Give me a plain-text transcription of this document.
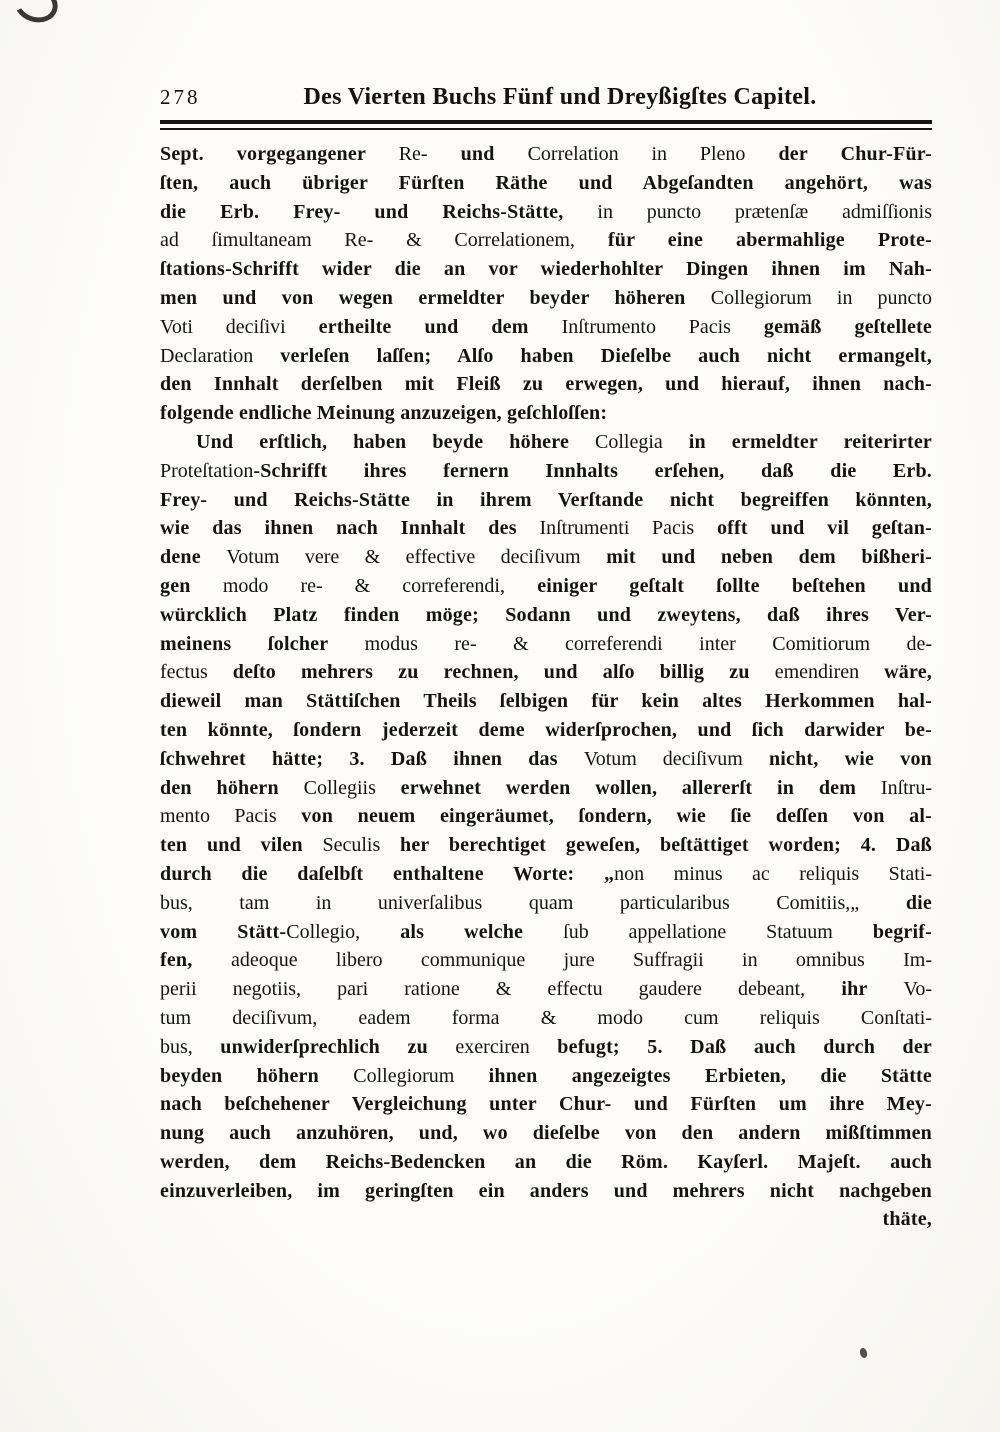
278	Des Vierten Buchs Fünf und Dreyßigſtes Capitel.
Sept. vorgegangener Re- und Correlation in Pleno der Chur-Für-
ſten, auch übriger Fürſten Räthe und Abgeſandten angehört, was
die Erb. Frey- und Reichs-Stätte, in puncto prætenſæ admiſſionis
ad ſimultaneam Re- & Correlationem, für eine abermahlige Prote-
ſtations-Schrifft wider die an vor wiederhohlter Dingen ihnen im Nah-
men und von wegen ermeldter beyder höheren Collegiorum in puncto
Voti deciſivi ertheilte und dem Inſtrumento Pacis gemäß geſtellete
Declaration verleſen laſſen; Alſo haben Dieſelbe auch nicht ermangelt,
den Innhalt derſelben mit Fleiß zu erwegen, und hierauf, ihnen nach-
folgende endliche Meinung anzuzeigen, geſchloſſen:
Und erſtlich, haben beyde höhere Collegia in ermeldter reiterirter
Proteſtation-Schrifft ihres fernern Innhalts erſehen, daß die Erb.
Frey- und Reichs-Stätte in ihrem Verſtande nicht begreiffen könnten,
wie das ihnen nach Innhalt des Inſtrumenti Pacis offt und vil geſtan-
dene Votum vere & effective deciſivum mit und neben dem bißheri-
gen modo re- & correferendi, einiger geſtalt ſollte beſtehen und
würcklich Platz finden möge; Sodann und zweytens, daß ihres Ver-
meinens ſolcher modus re- & correferendi inter Comitiorum de-
fectus deſto mehrers zu rechnen, und alſo billig zu emendiren wäre,
dieweil man Stättiſchen Theils ſelbigen für kein altes Herkommen hal-
ten könnte, ſondern jederzeit deme widerſprochen, und ſich darwider be-
ſchwehret hätte; 3. Daß ihnen das Votum deciſivum nicht, wie von
den höhern Collegiis erwehnet werden wollen, allererſt in dem Inſtru-
mento Pacis von neuem eingeräumet, ſondern, wie ſie deſſen von al-
ten und vilen Seculis her berechtiget geweſen, beſtättiget worden; 4. Daß
durch die daſelbſt enthaltene Worte: „non minus ac reliquis Stati-
bus, tam in univerſalibus quam particularibus Comitiis,„ die
vom Stätt-Collegio, als welche ſub appellatione Statuum begrif-
fen, adeoque libero communique jure Suffragii in omnibus Im-
perii negotiis, pari ratione & effectu gaudere debeant, ihr Vo-
tum deciſivum, eadem forma & modo cum reliquis Conſtati-
bus, unwiderſprechlich zu exerciren befugt; 5. Daß auch durch der
beyden höhern Collegiorum ihnen angezeigtes Erbieten, die Stätte
nach beſchehener Vergleichung unter Chur- und Fürſten um ihre Mey-
nung auch anzuhören, und, wo dieſelbe von den andern mißſtimmen
werden, dem Reichs-Bedencken an die Röm. Kayſerl. Majeſt. auch
einzuverleiben, im geringſten ein anders und mehrers nicht nachgeben
thäte,
